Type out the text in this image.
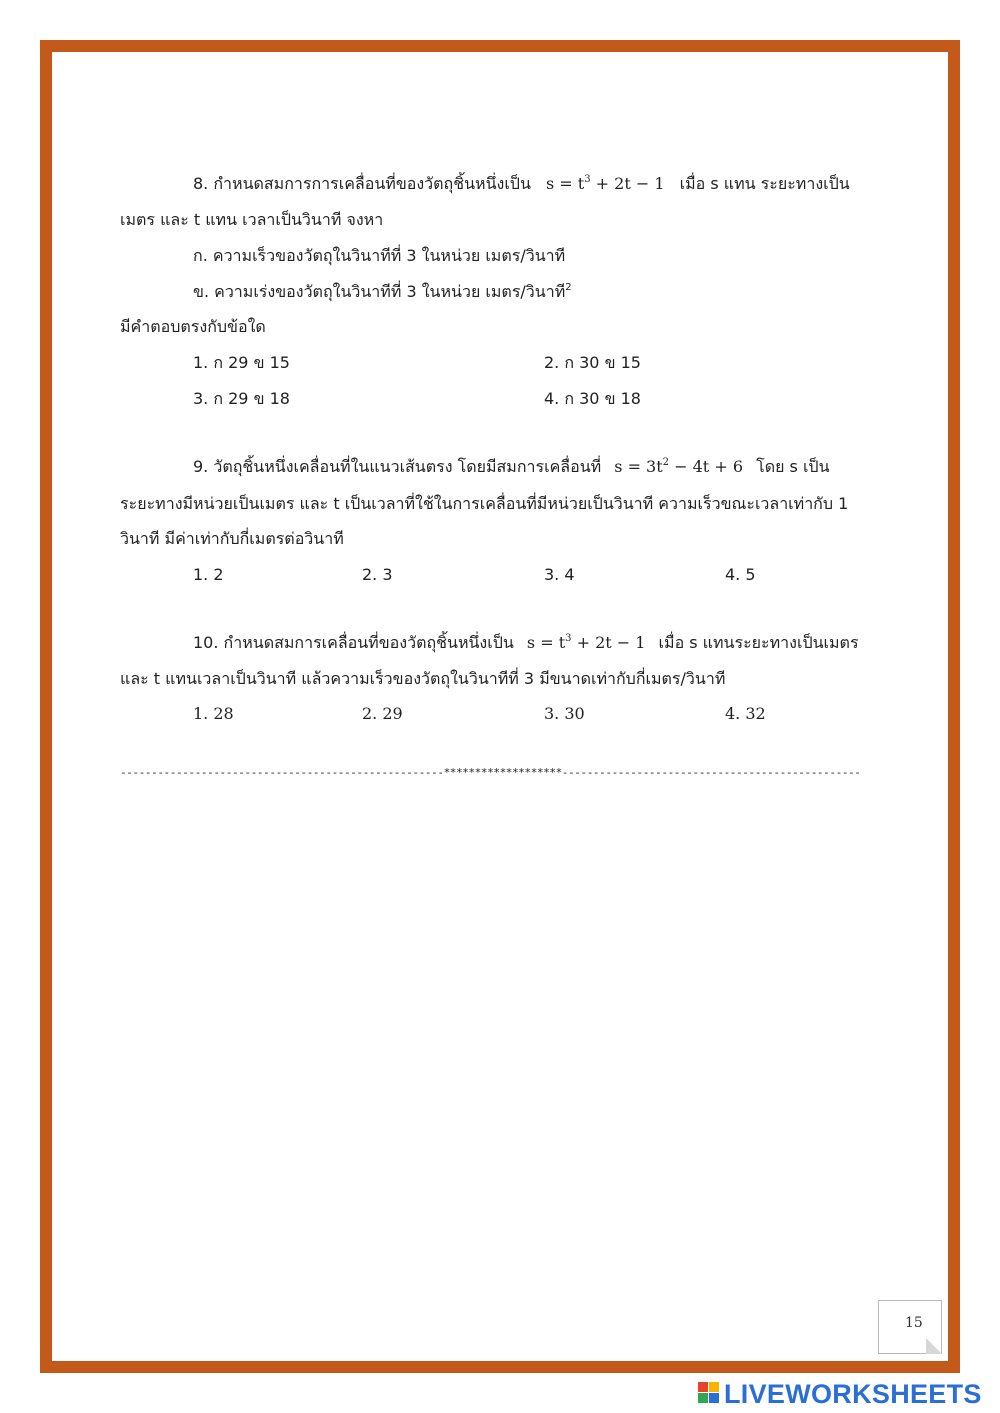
8. กำหนดสมการการเคลื่อนที่ของวัตถุชิ้นหนึ่งเป็น $s = t^3 + 2t - 1$ เมื่อ s แทน ระยะทางเป็น
เมตร และ t แทน เวลาเป็นวินาที จงหา
ก. ความเร็วของวัตถุในวินาทีที่ 3 ในหน่วย เมตร/วินาที
ข. ความเร่งของวัตถุในวินาทีที่ 3 ในหน่วย เมตร/วินาที$^2$
มีคำตอบตรงกับข้อใด
1. ก 29 ข 15	2. ก 30 ข 15
3. ก 29 ข 18	4. ก 30 ข 18
9. วัตถุชิ้นหนึ่งเคลื่อนที่ในแนวเส้นตรง โดยมีสมการเคลื่อนที่ $s = 3t^2 - 4t + 6$ โดย s เป็น
ระยะทางมีหน่วยเป็นเมตร และ t เป็นเวลาที่ใช้ในการเคลื่อนที่มีหน่วยเป็นวินาที ความเร็วขณะเวลาเท่ากับ 1
วินาที มีค่าเท่ากับกี่เมตรต่อวินาที
1. 2	2. 3	3. 4	4. 5
10. กำหนดสมการเคลื่อนที่ของวัตถุชิ้นหนึ่งเป็น $s = t^3 + 2t - 1$ เมื่อ s แทนระยะทางเป็นเมตร
และ t แทนเวลาเป็นวินาที แล้วความเร็วของวัตถุในวินาทีที่ 3 มีขนาดเท่ากับกี่เมตร/วินาที
1. 28	2. 29	3. 30	4. 32
----------------------------------------------------*******************------------------------------------------------
15
LIVEWORKSHEETS
